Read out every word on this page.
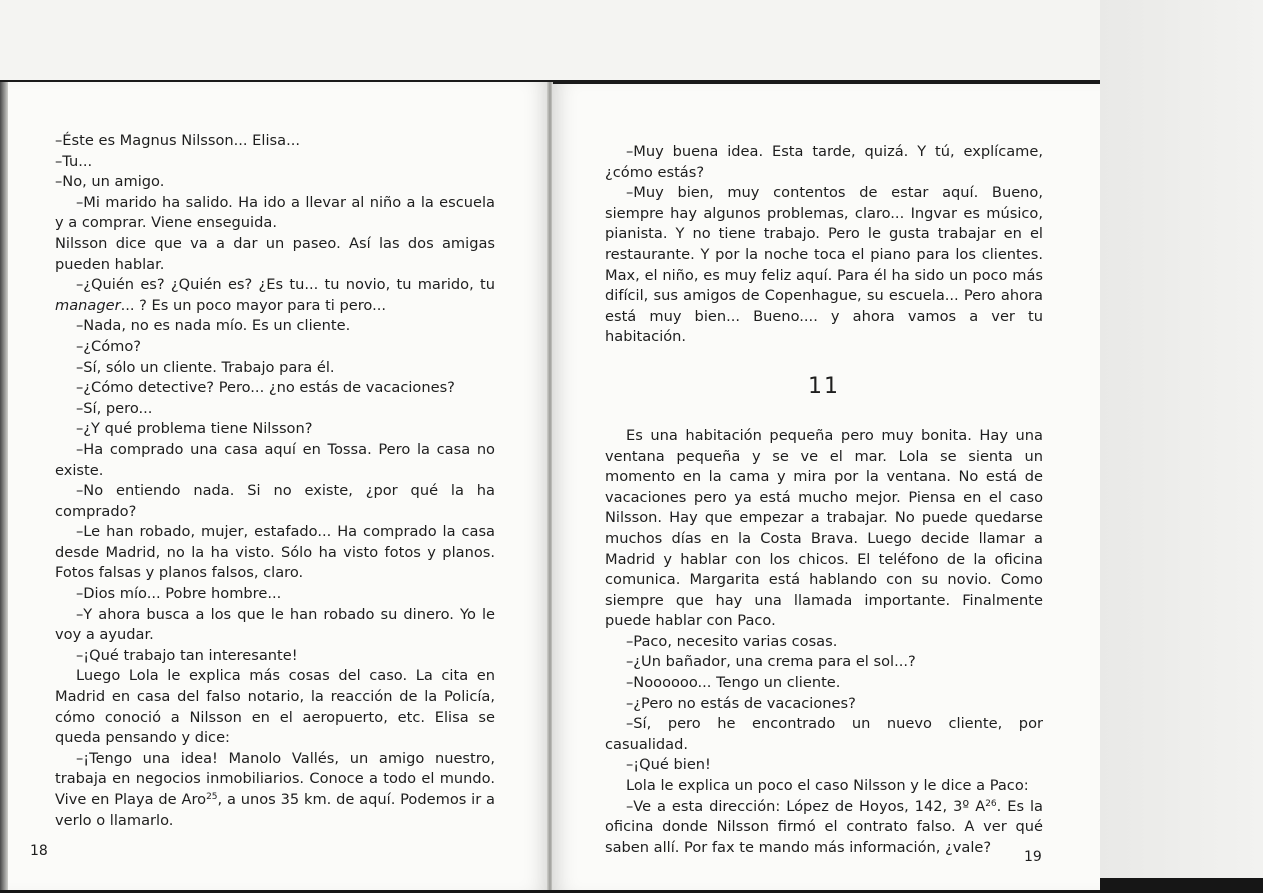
–Éste es Magnus Nilsson... Elisa...

–Tu...

–No, un amigo.

–Mi marido ha salido. Ha ido a llevar al niño a la escuela y a comprar. Viene enseguida.

Nilsson dice que va a dar un paseo. Así las dos amigas pueden hablar.

–¿Quién es? ¿Quién es? ¿Es tu... tu novio, tu marido, tu manager... ? Es un poco mayor para ti pero...

–Nada, no es nada mío. Es un cliente.

–¿Cómo?

–Sí, sólo un cliente. Trabajo para él.

–¿Cómo detective? Pero... ¿no estás de vacaciones?

–Sí, pero...

–¿Y qué problema tiene Nilsson?

–Ha comprado una casa aquí en Tossa. Pero la casa no existe.

–No entiendo nada. Si no existe, ¿por qué la ha comprado?

–Le han robado, mujer, estafado... Ha comprado la casa desde Madrid, no la ha visto. Sólo ha visto fotos y planos. Fotos falsas y planos falsos, claro.

–Dios mío... Pobre hombre...

–Y ahora busca a los que le han robado su dinero. Yo le voy a ayudar.

–¡Qué trabajo tan interesante!

Luego Lola le explica más cosas del caso. La cita en Madrid en casa del falso notario, la reacción de la Policía, cómo conoció a Nilsson en el aeropuerto, etc. Elisa se queda pensando y dice:

–¡Tengo una idea! Manolo Vallés, un amigo nuestro, trabaja en negocios inmobiliarios. Conoce a todo el mundo. Vive en Playa de Aro$^{25}$, a unos 35 km. de aquí. Podemos ir a verlo o llamarlo.

18

–Muy buena idea. Esta tarde, quizá. Y tú, explícame, ¿cómo estás?

–Muy bien, muy contentos de estar aquí. Bueno, siempre hay algunos problemas, claro... Ingvar es músico, pianista. Y no tiene trabajo. Pero le gusta trabajar en el restaurante. Y por la noche toca el piano para los clientes. Max, el niño, es muy feliz aquí. Para él ha sido un poco más difícil, sus amigos de Copenhague, su escuela... Pero ahora está muy bien... Bueno.... y ahora vamos a ver tu habitación.

11

Es una habitación pequeña pero muy bonita. Hay una ventana pequeña y se ve el mar. Lola se sienta un momento en la cama y mira por la ventana. No está de vacaciones pero ya está mucho mejor. Piensa en el caso Nilsson. Hay que empezar a trabajar. No puede quedarse muchos días en la Costa Brava. Luego decide llamar a Madrid y hablar con los chicos. El teléfono de la oficina comunica. Margarita está hablando con su novio. Como siempre que hay una llamada importante. Finalmente puede hablar con Paco.

–Paco, necesito varias cosas.

–¿Un bañador, una crema para el sol...?

–Noooooo... Tengo un cliente.

–¿Pero no estás de vacaciones?

–Sí, pero he encontrado un nuevo cliente, por casualidad.

–¡Qué bien!

Lola le explica un poco el caso Nilsson y le dice a Paco:

–Ve a esta dirección: López de Hoyos, 142, 3º $A^{26}$. Es la oficina donde Nilsson firmó el contrato falso. A ver qué saben allí. Por fax te mando más información, ¿vale?

19
